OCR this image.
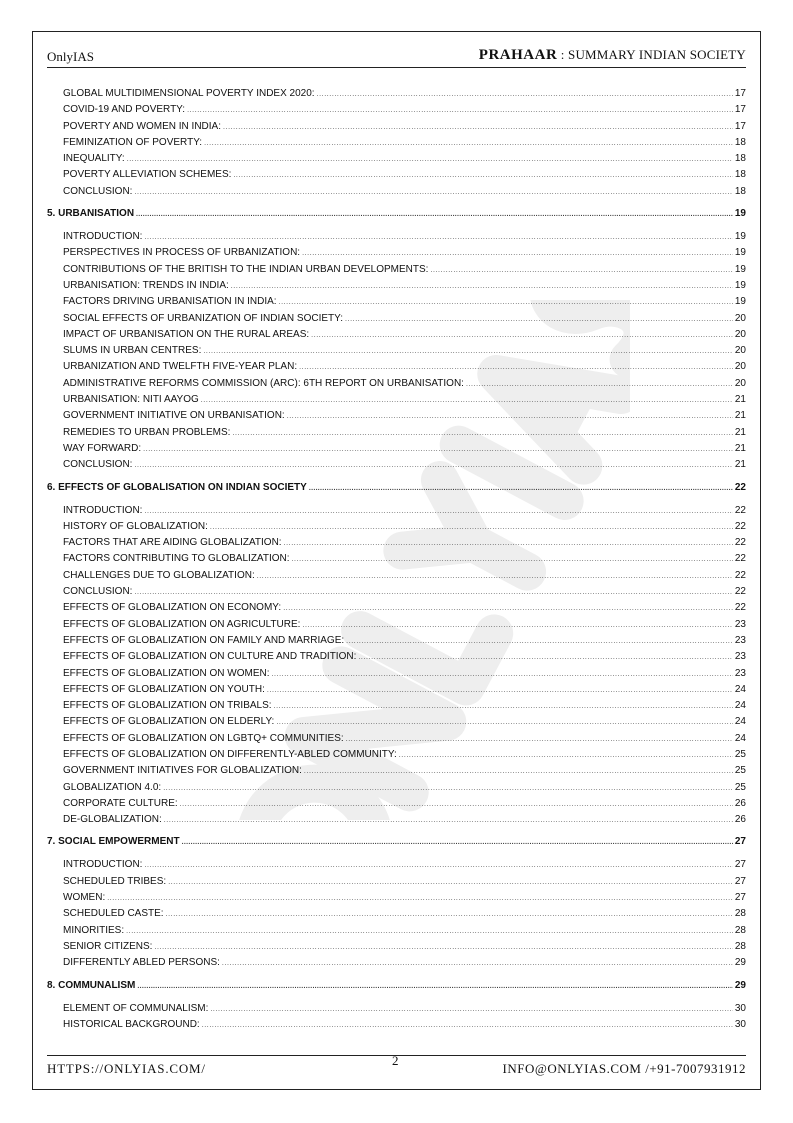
OnlyIAS	PRAHAAR : SUMMARY INDIAN SOCIETY
GLOBAL MULTIDIMENSIONAL POVERTY INDEX 2020: .....	17
COVID-19 AND POVERTY: .....	17
POVERTY AND WOMEN IN INDIA: .....	17
FEMINIZATION OF POVERTY: .....	18
INEQUALITY: .....	18
POVERTY ALLEVIATION SCHEMES: .....	18
CONCLUSION: .....	18
5. URBANISATION .....	19
INTRODUCTION: .....	19
PERSPECTIVES IN PROCESS OF URBANIZATION: .....	19
CONTRIBUTIONS OF THE BRITISH TO THE INDIAN URBAN DEVELOPMENTS: .....	19
URBANISATION: TRENDS IN INDIA: .....	19
FACTORS DRIVING URBANISATION IN INDIA: .....	19
SOCIAL EFFECTS OF URBANIZATION OF INDIAN SOCIETY: .....	20
IMPACT OF URBANISATION ON THE RURAL AREAS: .....	20
SLUMS IN URBAN CENTRES: .....	20
URBANIZATION AND TWELFTH FIVE-YEAR PLAN: .....	20
ADMINISTRATIVE REFORMS COMMISSION (ARC): 6TH REPORT ON URBANISATION: .....	20
URBANISATION: NITI AAYOG .....	21
GOVERNMENT INITIATIVE ON URBANISATION: .....	21
REMEDIES TO URBAN PROBLEMS: .....	21
WAY FORWARD: .....	21
CONCLUSION: .....	21
6. EFFECTS OF GLOBALISATION ON INDIAN SOCIETY .....	22
INTRODUCTION: .....	22
HISTORY OF GLOBALIZATION: .....	22
FACTORS THAT ARE AIDING GLOBALIZATION: .....	22
FACTORS CONTRIBUTING TO GLOBALIZATION: .....	22
CHALLENGES DUE TO GLOBALIZATION: .....	22
CONCLUSION: .....	22
EFFECTS OF GLOBALIZATION ON ECONOMY: .....	22
EFFECTS OF GLOBALIZATION ON AGRICULTURE: .....	23
EFFECTS OF GLOBALIZATION ON FAMILY AND MARRIAGE: .....	23
EFFECTS OF GLOBALIZATION ON CULTURE AND TRADITION: .....	23
EFFECTS OF GLOBALIZATION ON WOMEN: .....	23
EFFECTS OF GLOBALIZATION ON YOUTH: .....	24
EFFECTS OF GLOBALIZATION ON TRIBALS: .....	24
EFFECTS OF GLOBALIZATION ON ELDERLY: .....	24
EFFECTS OF GLOBALIZATION ON LGBTQ+ COMMUNITIES: .....	24
EFFECTS OF GLOBALIZATION ON DIFFERENTLY-ABLED COMMUNITY: .....	25
GOVERNMENT INITIATIVES FOR GLOBALIZATION: .....	25
GLOBALIZATION 4.0: .....	25
CORPORATE CULTURE: .....	26
DE-GLOBALIZATION: .....	26
7. SOCIAL EMPOWERMENT .....	27
INTRODUCTION: .....	27
SCHEDULED TRIBES: .....	27
WOMEN: .....	27
SCHEDULED CASTE: .....	28
MINORITIES: .....	28
SENIOR CITIZENS: .....	28
DIFFERENTLY ABLED PERSONS: .....	29
8. COMMUNALISM .....	29
ELEMENT OF COMMUNALISM: .....	30
HISTORICAL BACKGROUND: .....	30
HTTPS://ONLYIAS.COM/
2
INFO@ONLYIAS.COM /+91-7007931912
